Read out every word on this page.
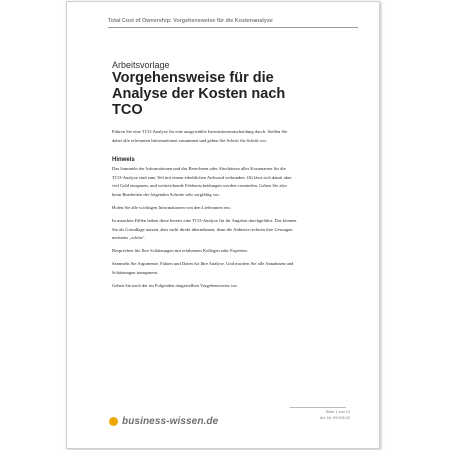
Total Cost of Ownership: Vorgehensweise für die Kostenanalyse
Arbeitsvorlage
Vorgehensweise für die
Analyse der Kosten nach
TCO

Führen Sie eine TCO-Analyse für eine ausgewählte Investitionsentscheidung durch. Stellen Sie dabei alle relevanten Informationen zusammen und gehen Sie Schritt für Schritt vor.

Hinweis

Das Sammeln der Informationen und das Berechnen oder Abschätzen aller Kostenarten für die TCO-Analyse sind zum Teil mit einem erheblichen Aufwand verbunden. Oft lässt sich damit aber viel Geld einsparen, und weitreichende Fehlentscheidungen werden vermieden. Gehen Sie also beim Bearbeiten der folgenden Schritte sehr sorgfältig vor.

Holen Sie alle wichtigen Informationen von den Lieferanten ein.

In manchen Fällen haben diese bereits eine TCO-Analyse für ihr Angebot durchgeführt. Das können Sie als Grundlage nutzen, aber nicht direkt übernehmen, denn die Anbieter rechnen ihre Lösungen meistens „schön“.

Besprechen Sie Ihre Schätzungen mit erfahrenen Kollegen oder Experten.

Sammeln Sie Argumente, Fakten und Daten für Ihre Analyse. Und machen Sie alle Annahmen und Schätzungen transparent.

Gehen Sie nach der im Folgenden dargestellten Vorgehensweise vor.

Seite 1 von 12
Art.-Nr. 99.006.02
business-wissen.de
